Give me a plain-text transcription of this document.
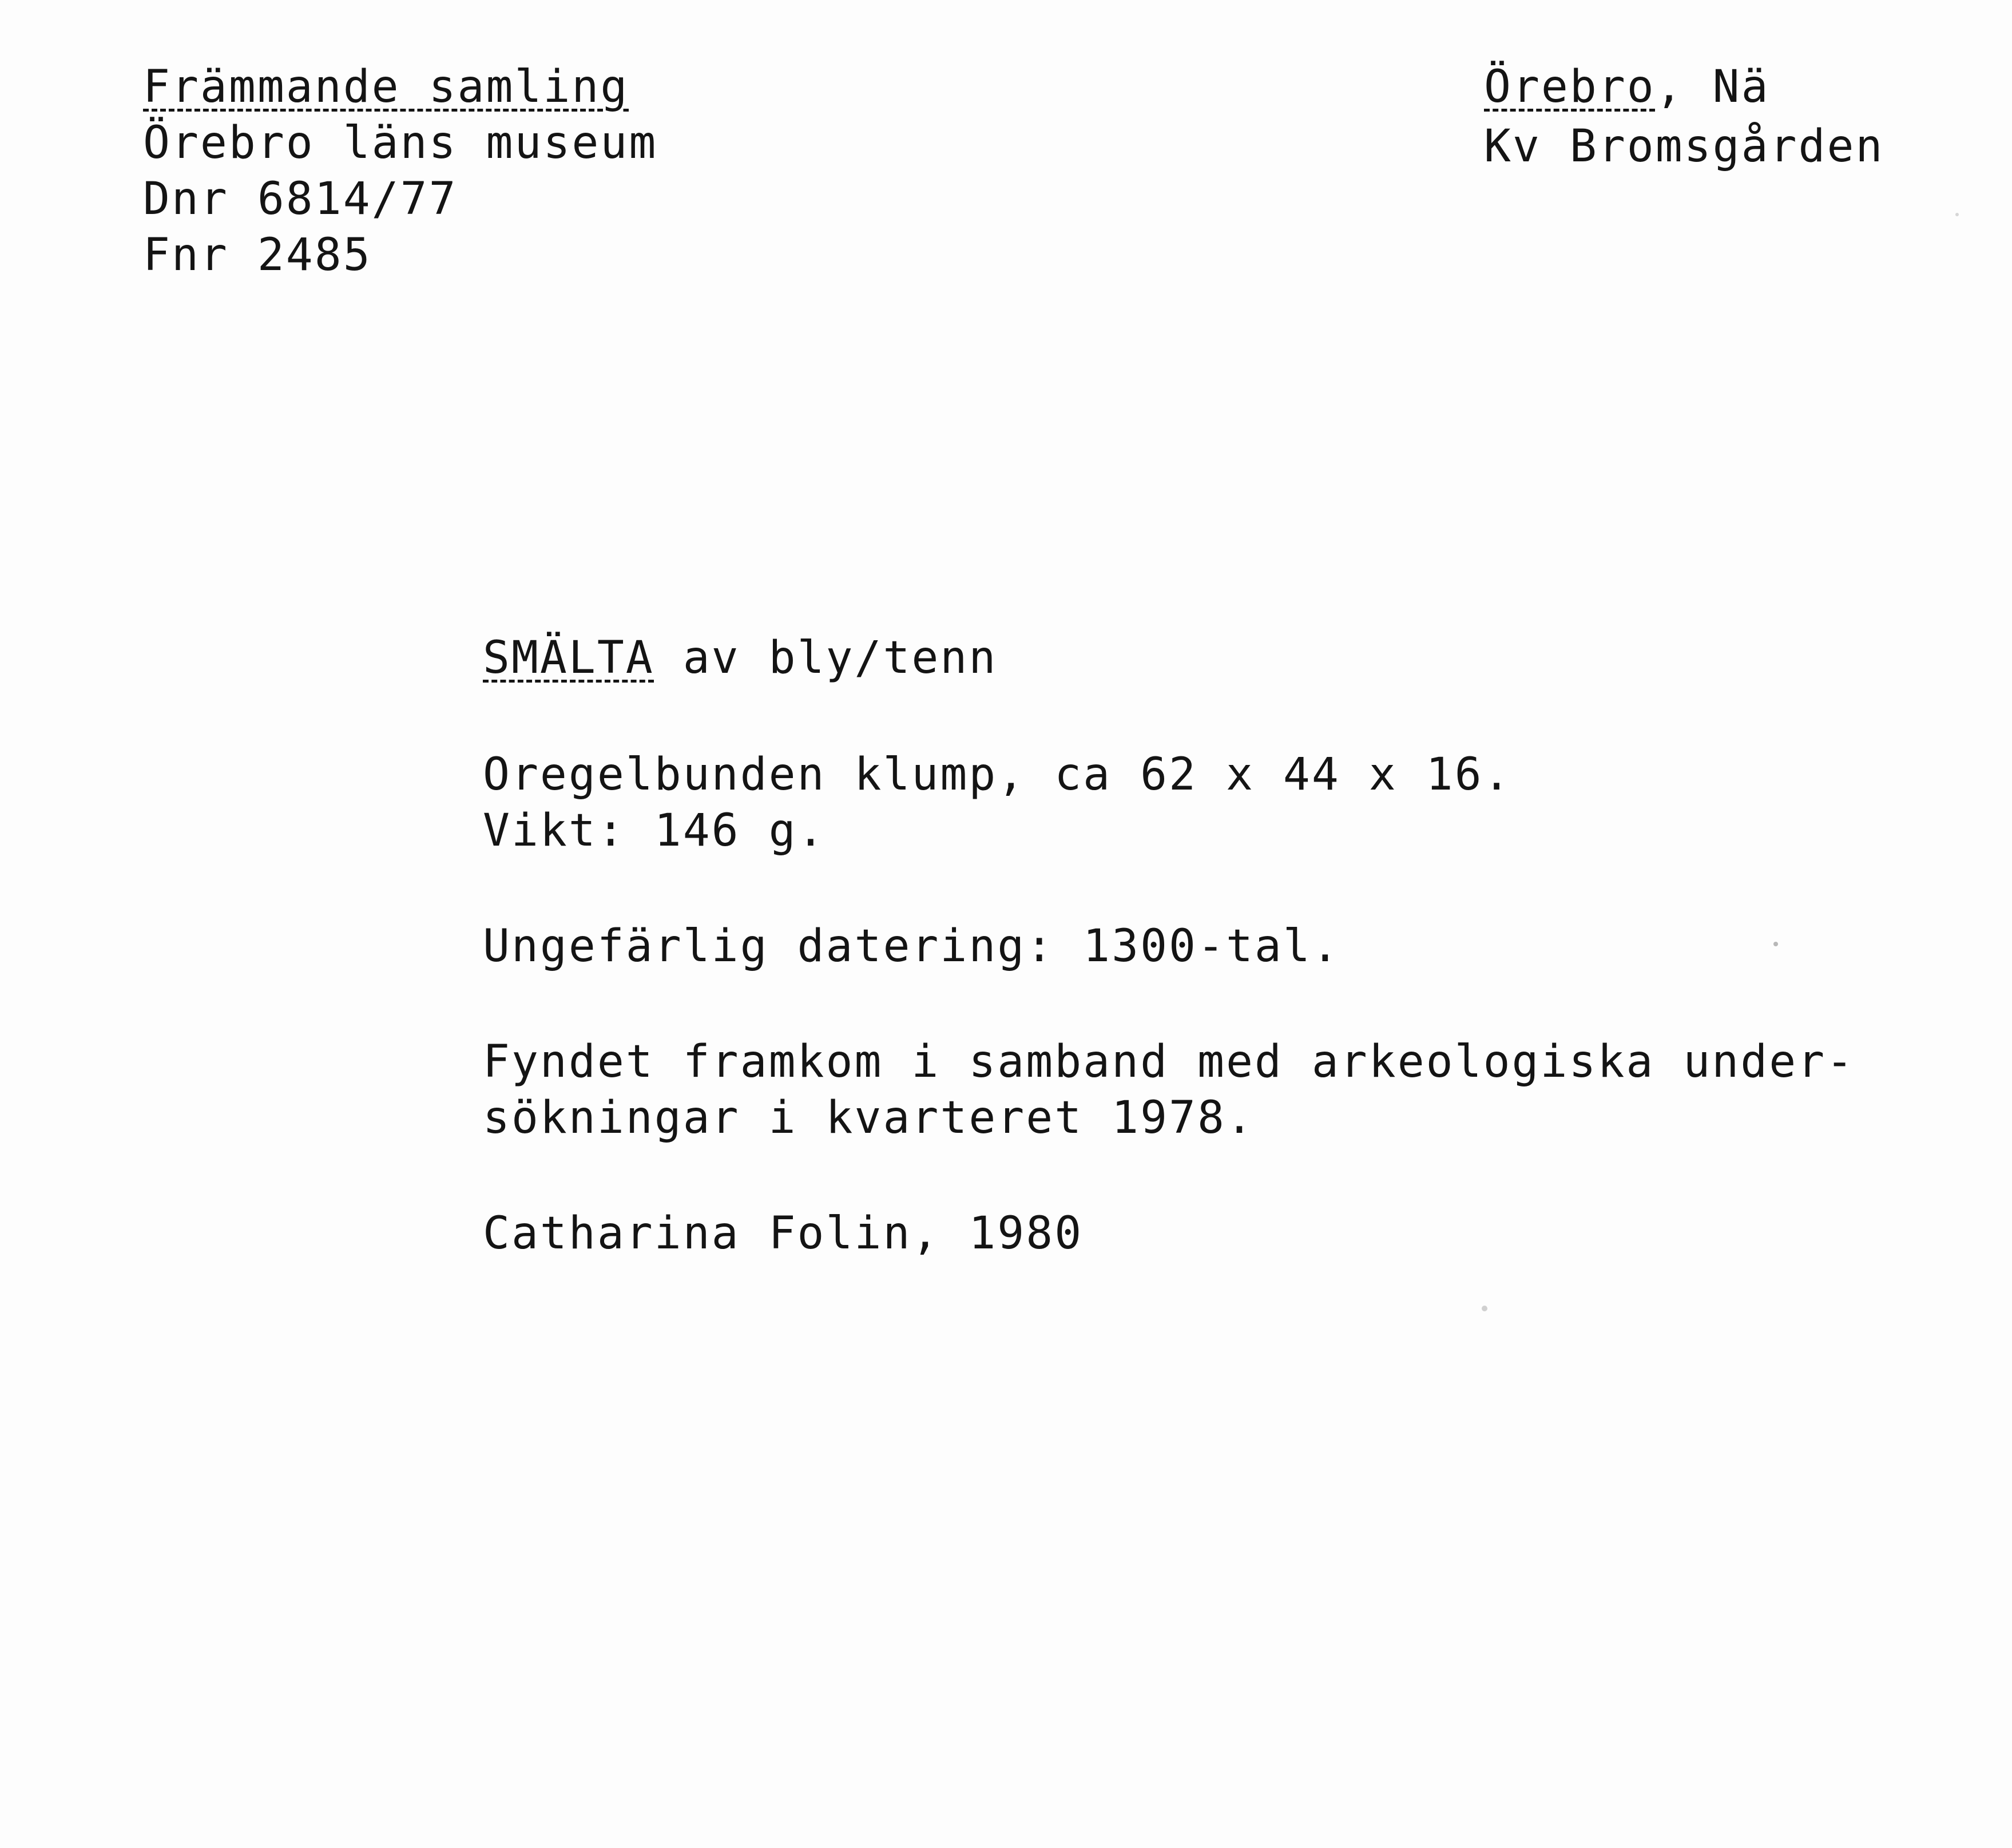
Främmande samling
Örebro läns museum
Dnr 6814/77
Fnr 2485
Örebro, Nä
Kv Bromsgården
SMÄLTA av bly/tenn
Oregelbunden klump, ca 62 x 44 x 16.
Vikt: 146 g.
Ungefärlig datering: 1300-tal.
Fyndet framkom i samband med arkeologiska under-
sökningar i kvarteret 1978.
Catharina Folin, 1980
